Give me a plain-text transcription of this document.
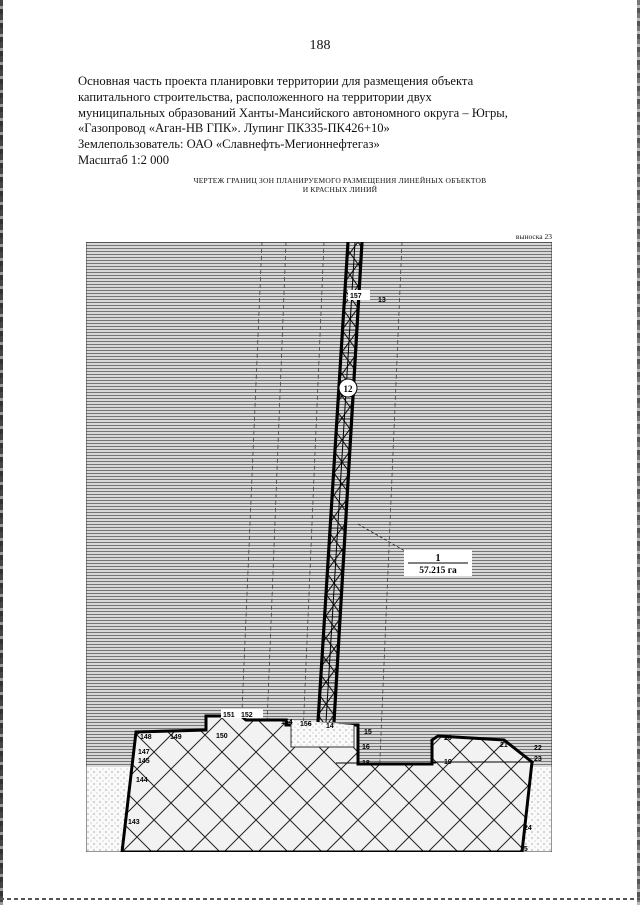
188
Основная часть проекта планировки территории для размещения объекта
капитального строительства, расположенного на территории двух
муниципальных образований Ханты-Мансийского автономного округа – Югры,
«Газопровод «Аган-НВ ГПК». Лупинг ПК335-ПК426+10»
Землепользователь: ОАО «Славнефть-Мегионнефтегаз»
Масштаб 1:2 000
ЧЕРТЕЖ ГРАНИЦ ЗОН ПЛАНИРУЕМОГО РАЗМЕЩЕНИЯ ЛИНЕЙНЫХ ОБЪЕКТОВ
И КРАСНЫХ ЛИНИЙ
выноска 23
1
57.215 га
12
157
13
151 152
154 156 14
15
16
18
148	149	150
147
145
144
143
20
19
21	22
23
24
25
